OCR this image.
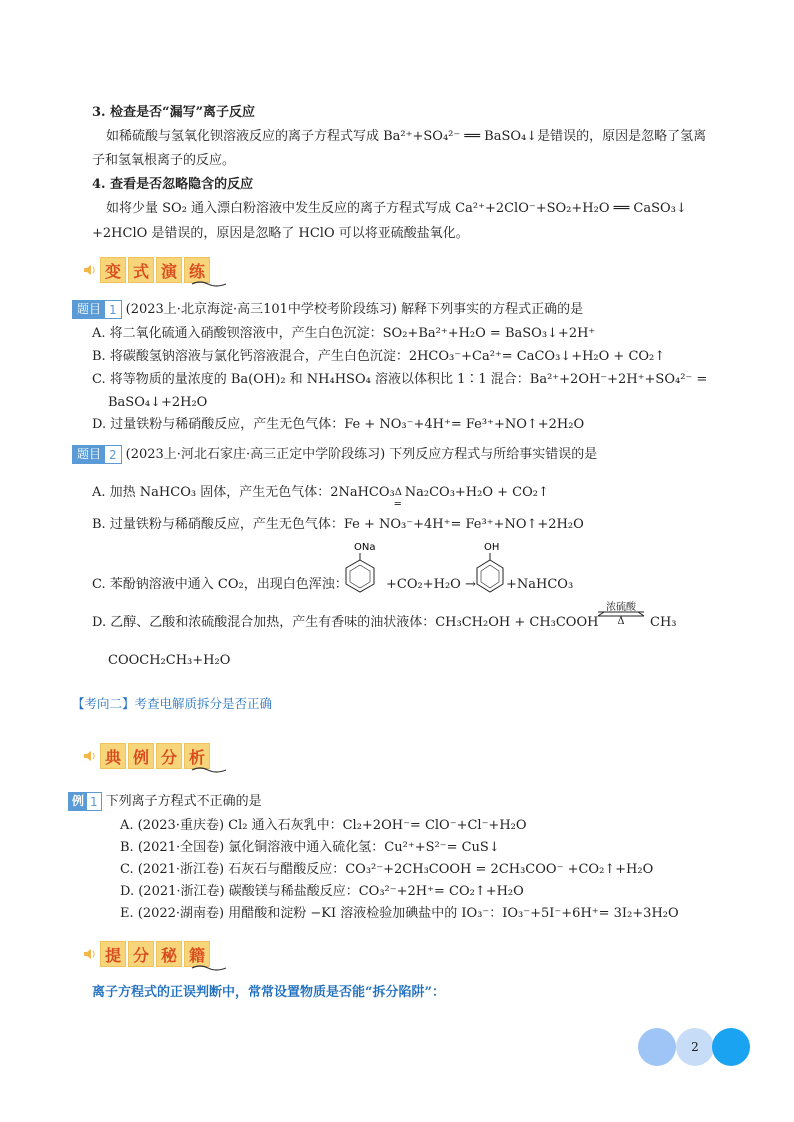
3. 检查是否“漏写”离子反应
如稀硫酸与氢氧化钡溶液反应的离子方程式写成 Ba²⁺+SO₄²⁻ ══ BaSO₄↓是错误的，原因是忽略了氢离
子和氢氧根离子的反应。
4. 查看是否忽略隐含的反应
如将少量 SO₂ 通入漂白粉溶液中发生反应的离子方程式写成 Ca²⁺+2ClO⁻+SO₂+H₂O ══ CaSO₃↓
+2HClO 是错误的，原因是忽略了 HClO 可以将亚硫酸盐氧化。
变 式 演 练
题目 1 (2023上·北京海淀·高三101中学校考阶段练习) 解释下列事实的方程式正确的是
A. 将二氧化硫通入硝酸钡溶液中，产生白色沉淀：SO₂+Ba²⁺+H₂O = BaSO₃↓+2H⁺
B. 将碳酸氢钠溶液与氯化钙溶液混合，产生白色沉淀：2HCO₃⁻+Ca²⁺= CaCO₃↓+H₂O + CO₂↑
C. 将等物质的量浓度的 Ba(OH)₂ 和 NH₄HSO₄ 溶液以体积比 1∶1 混合：Ba²⁺+2OH⁻+2H⁺+SO₄²⁻ =
BaSO₄↓+2H₂O
D. 过量铁粉与稀硝酸反应，产生无色气体：Fe + NO₃⁻+4H⁺= Fe³⁺+NO↑+2H₂O
题目 2 (2023上·河北石家庄·高三正定中学阶段练习) 下列反应方程式与所给事实错误的是
A. 加热 NaHCO₃ 固体，产生无色气体：2NaHCO₃ Δ
═
Na₂CO₃+H₂O + CO₂↑
B. 过量铁粉与稀硝酸反应，产生无色气体：Fe + NO₃⁻+4H⁺= Fe³⁺+NO↑+2H₂O
C. 苯酚钠溶液中通入 CO₂，出现白色浑浊：
ONa
+CO₂+H₂O →
OH
+NaHCO₃
D. 乙醇、乙酸和浓硫酸混合加热，产生有香味的油状液体：CH₃CH₂OH + CH₃COOH
浓硫酸
Δ	CH₃
COOCH₂CH₃+H₂O
【考向二】考查电解质拆分是否正确
典 例 分 析
例 1 下列离子方程式不正确的是
A. (2023·重庆卷) Cl₂ 通入石灰乳中：Cl₂+2OH⁻= ClO⁻+Cl⁻+H₂O
B. (2021·全国卷) 氯化铜溶液中通入硫化氢：Cu²⁺+S²⁻= CuS↓
C. (2021·浙江卷) 石灰石与醋酸反应：CO₃²⁻+2CH₃COOH = 2CH₃COO⁻ +CO₂↑+H₂O
D. (2021·浙江卷) 碳酸镁与稀盐酸反应：CO₃²⁻+2H⁺= CO₂↑+H₂O
E. (2022·湖南卷) 用醋酸和淀粉 −KI 溶液检验加碘盐中的 IO₃⁻：IO₃⁻+5I⁻+6H⁺= 3I₂+3H₂O
提 分 秘 籍
离子方程式的正误判断中，常常设置物质是否能“拆分陷阱”：
2
